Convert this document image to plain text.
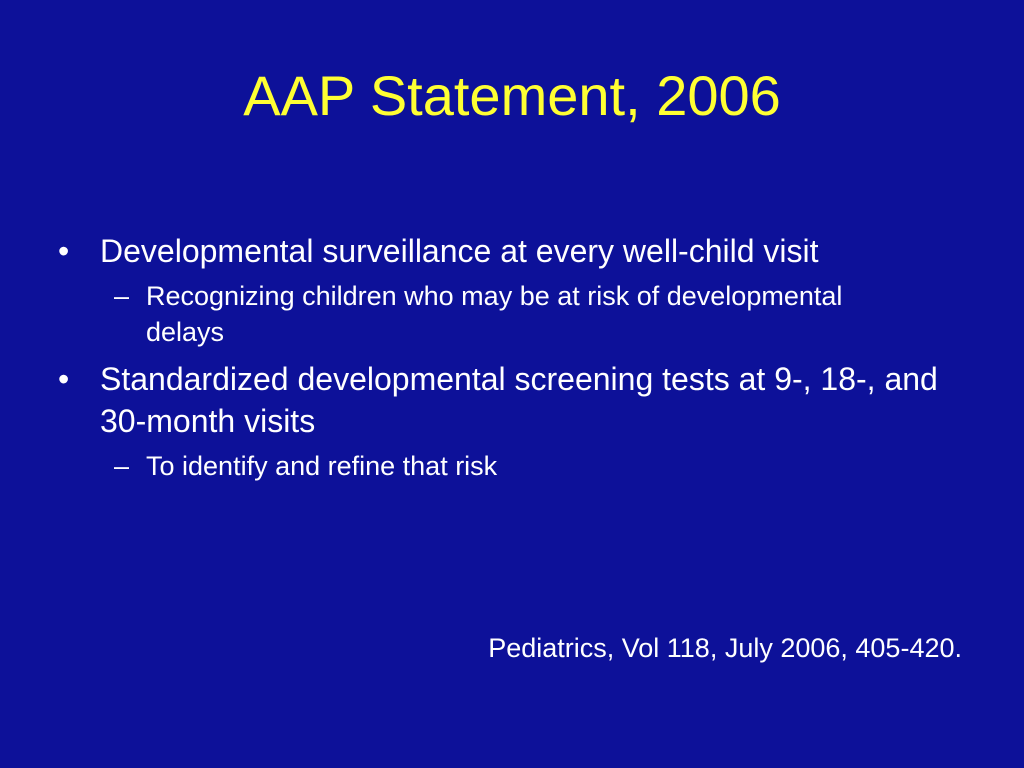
AAP Statement, 2006
• Developmental surveillance at every well-child visit
– Recognizing children who may be at risk of developmental delays
• Standardized developmental screening tests at 9-, 18-, and 30-month visits
– To identify and refine that risk
Pediatrics, Vol 118, July 2006, 405-420.
